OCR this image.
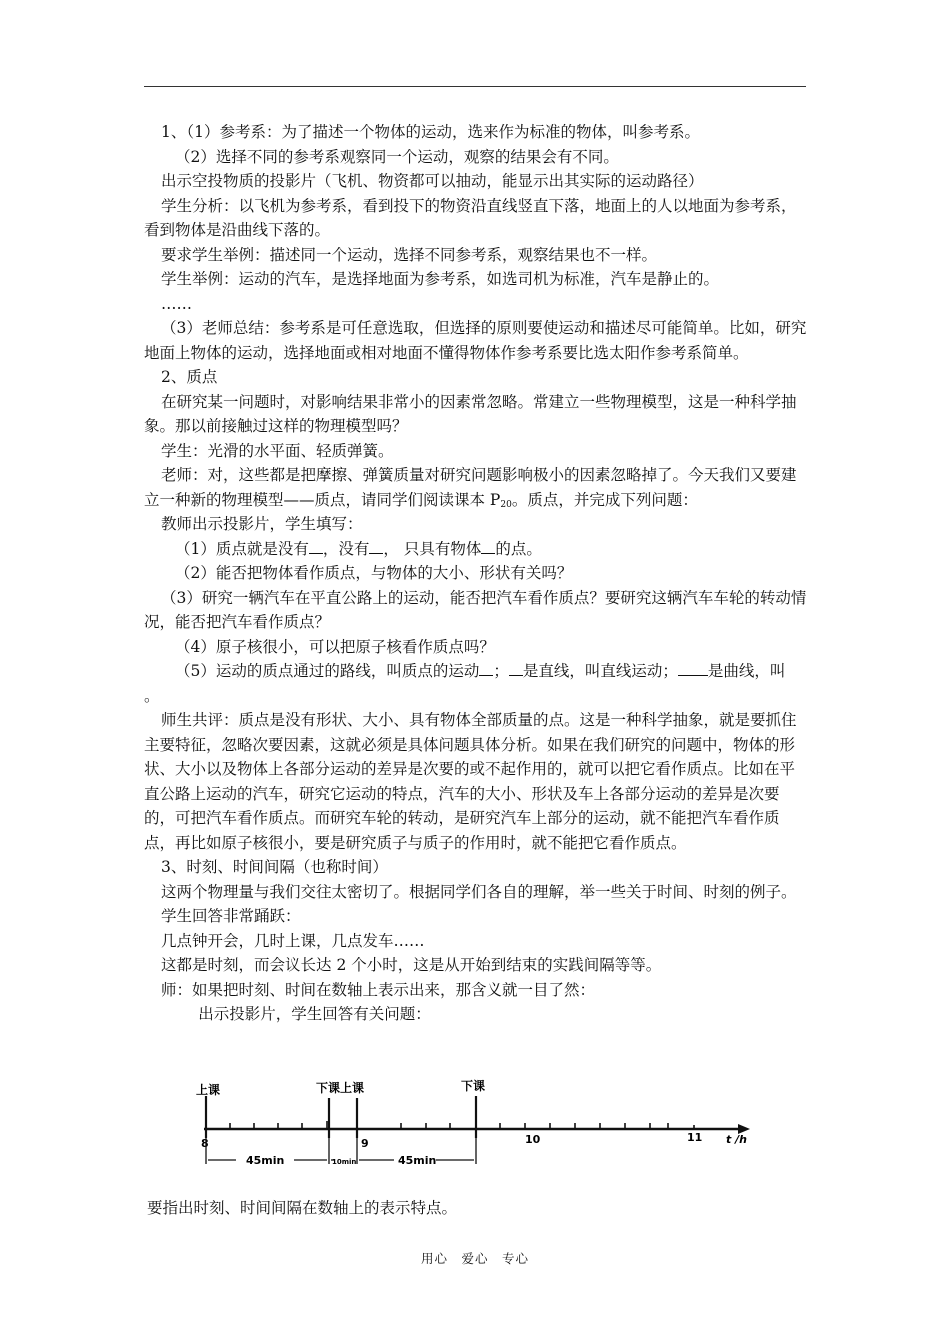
1、（1）参考系：为了描述一个物体的运动，选来作为标准的物体，叫参考系。

（2）选择不同的参考系观察同一个运动，观察的结果会有不同。

出示空投物质的投影片（飞机、物资都可以抽动，能显示出其实际的运动路径）

学生分析：以飞机为参考系，看到投下的物资沿直线竖直下落，地面上的人以地面为参考系，看到物体是沿曲线下落的。

要求学生举例：描述同一个运动，选择不同参考系，观察结果也不一样。

学生举例：运动的汽车，是选择地面为参考系，如选司机为标准，汽车是静止的。

……

（3）老师总结：参考系是可任意选取，但选择的原则要使运动和描述尽可能简单。比如，研究地面上物体的运动，选择地面或相对地面不懂得物体作参考系要比选太阳作参考系简单。

2、质点

在研究某一问题时，对影响结果非常小的因素常忽略。常建立一些物理模型，这是一种科学抽象。那以前接触过这样的物理模型吗？

学生：光滑的水平面、轻质弹簧。

老师：对，这些都是把摩擦、弹簧质量对研究问题影响极小的因素忽略掉了。今天我们又要建立一种新的物理模型——质点，请同学们阅读课本 $P_{20}$。质点，并完成下列问题：

教师出示投影片，学生填写：

（1）质点就是没有 ，没有 ， 只具有物体 的点。

（2）能否把物体看作质点，与物体的大小、形状有关吗？

（3）研究一辆汽车在平直公路上的运动，能否把汽车看作质点？要研究这辆汽车车轮的转动情况，能否把汽车看作质点？

（4）原子核很小，可以把原子核看作质点吗？

（5）运动的质点通过的路线，叫质点的运动 ； 是直线，叫直线运动； 是曲线，叫

。

师生共评：质点是没有形状、大小、具有物体全部质量的点。这是一种科学抽象，就是要抓住主要特征，忽略次要因素，这就必须是具体问题具体分析。如果在我们研究的问题中，物体的形状、大小以及物体上各部分运动的差异是次要的或不起作用的，就可以把它看作质点。比如在平直公路上运动的汽车，研究它运动的特点，汽车的大小、形状及车上各部分运动的差异是次要的，可把汽车看作质点。而研究车轮的转动，是研究汽车上部分的运动，就不能把汽车看作质点，再比如原子核很小，要是研究质子与质子的作用时，就不能把它看作质点。

3、时刻、时间间隔（也称时间）

这两个物理量与我们交往太密切了。根据同学们各自的理解，举一些关于时间、时刻的例子。

学生回答非常踊跃：

几点钟开会，几时上课，几点发车……

这都是时刻，而会议长达 2 个小时，这是从开始到结束的实践间隔等等。

师：如果把时刻、时间在数轴上表示出来，那含义就一目了然：

出示投影片，学生回答有关问题：

上课	下课上课	下课
8	9	10	11 t /h
45min	10min	45min
要指出时刻、时间间隔在数轴上的表示特点。
用心　爱心　专心
